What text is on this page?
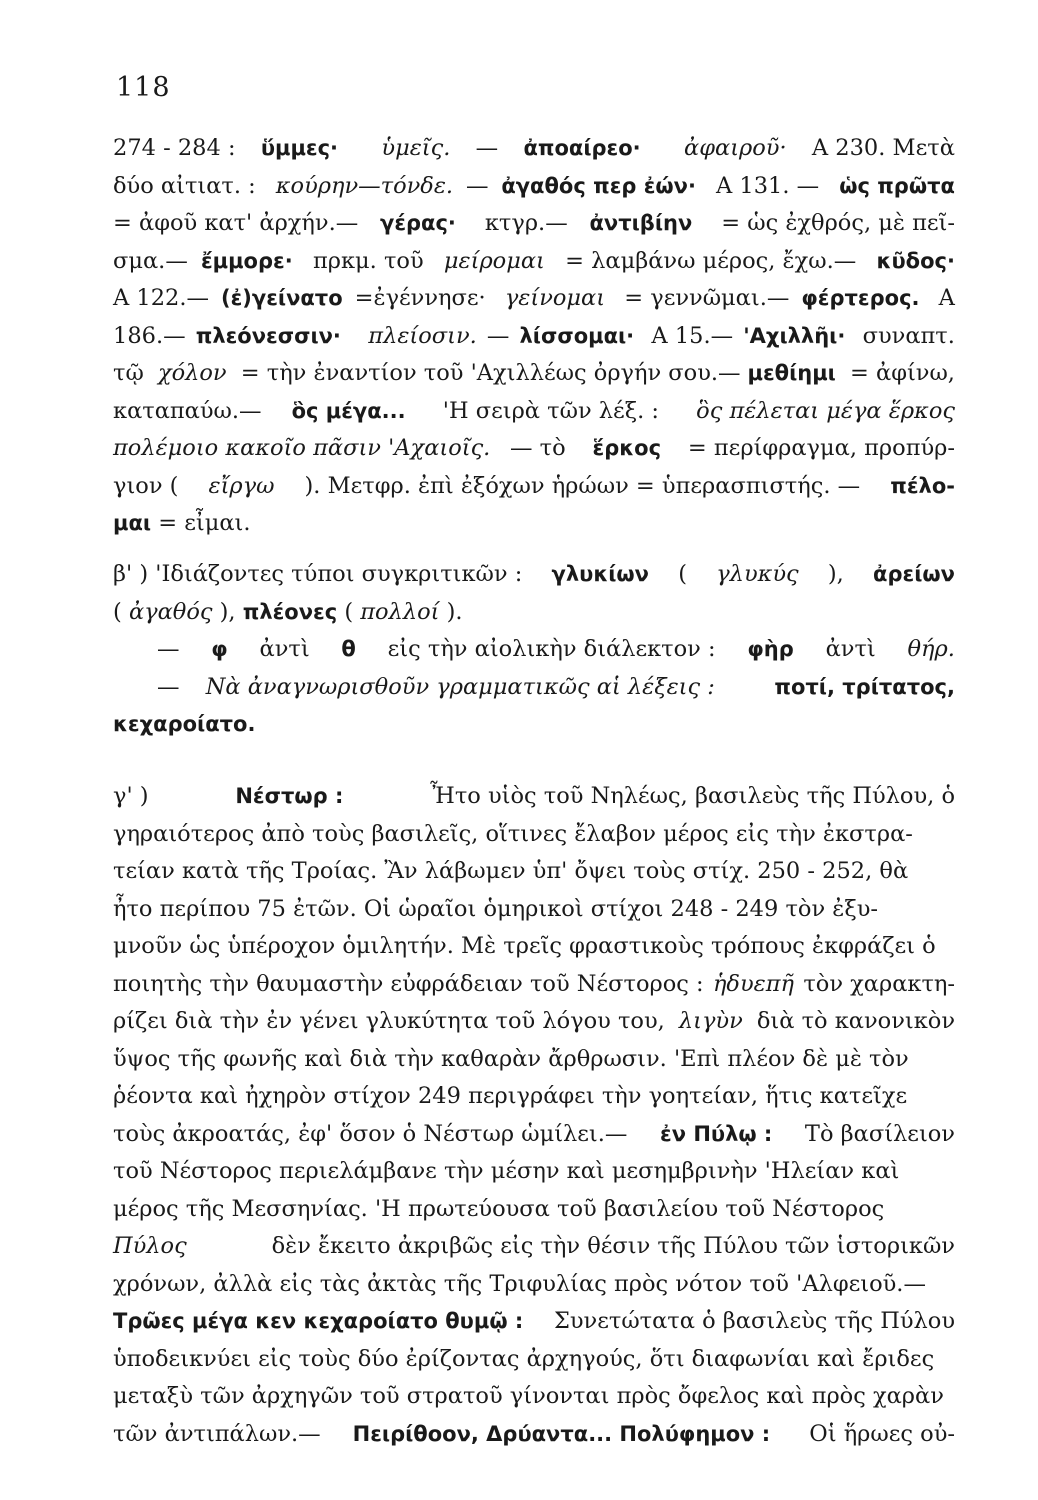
118
274 - 284 : ὕμμες·
ὑμεῖς. — ἀποαίρεο·
ἀφαιροῦ· Α 230. Μετὰ
δύο αἰτιατ. : κούρην—τόνδε. — ἀγαθός περ ἐών· Α 131. — ὡς πρῶτα
= ἀφοῦ κατ' ἀρχήν.— γέρας· κτγρ.— ἀντιβίην = ὡς ἐχθρός, μὲ πεῖ-
σμα.— ἔμμορε· πρκμ. τοῦ μείρομαι = λαμβάνω μέρος, ἔχω.— κῦδος·
Α 122.— (ἐ)γείνατο =ἐγέννησε· γείνομαι = γεννῶμαι.— φέρτερος. Α
186.— πλεόνεσσιν·
πλείοσιν. — λίσσομαι· Α 15.— 'Αχιλλῆι· συναπτ.
τῷ χόλον = τὴν ἐναντίον τοῦ 'Αχιλλέως ὀργήν σου.— μεθίημι = ἀφίνω,
καταπαύω.— ὃς μέγα... 'Η σειρὰ τῶν λέξ. : ὃς πέλεται μέγα ἕρκος
πολέμοιο κακοῖο πᾶσιν 'Αχαιοῖς. — τὸ ἕρκος = περίφραγμα, προπύρ-
γιον ( εἴργω ). Μετφρ. ἐπὶ ἐξόχων ἡρώων = ὑπερασπιστής. — πέλο-
μαι = εἶμαι.
β' ) 'Ιδιάζοντες τύποι συγκριτικῶν : γλυκίων ( γλυκύς ), ἀρείων
( ἀγαθός ), πλέονες ( πολλοί ).
— φ ἀντὶ θ εἰς τὴν αἰολικὴν διάλεκτον : φὴρ ἀντὶ θήρ.
— Νὰ ἀναγνωρισθοῦν γραμματικῶς αἱ λέξεις :
	ποτί, τρίτατος,
κεχαροίατο.
γ' )	Νέστωρ :	Ἦτο υἱὸς τοῦ Νηλέως, βασιλεὺς τῆς Πύλου, ὁ
γηραιότερος ἀπὸ τοὺς βασιλεῖς, οἵτινες ἔλαβον μέρος εἰς τὴν ἐκστρα-
τείαν κατὰ τῆς Τροίας. Ἂν λάβωμεν ὑπ' ὄψει τοὺς στίχ. 250 - 252, θὰ
ἦτο περίπου 75 ἐτῶν. Οἱ ὡραῖοι ὁμηρικοὶ στίχοι 248 - 249 τὸν ἐξυ-
μνοῦν ὡς ὑπέροχον ὁμιλητήν. Μὲ τρεῖς φραστικοὺς τρόπους ἐκφράζει ὁ
ποιητὴς τὴν θαυμαστὴν εὐφράδειαν τοῦ Νέστορος : ἡδυεπῆ τὸν χαρακτη-
ρίζει διὰ τὴν ἐν γένει γλυκύτητα τοῦ λόγου του, λιγὺν διὰ τὸ κανονικὸν
ὕψος τῆς φωνῆς καὶ διὰ τὴν καθαρὰν ἄρθρωσιν. 'Επὶ πλέον δὲ μὲ τὸν
ῥέοντα καὶ ἠχηρὸν στίχον 249 περιγράφει τὴν γοητείαν, ἥτις κατεῖχε
τοὺς ἀκροατάς, ἐφ' ὅσον ὁ Νέστωρ ὡμίλει.— ἐν Πύλῳ : Τὸ βασίλειον
τοῦ Νέστορος περιελάμβανε τὴν μέσην καὶ μεσημβρινὴν 'Ηλείαν καὶ
μέρος τῆς Μεσσηνίας. 'Η πρωτεύουσα τοῦ βασιλείου τοῦ Νέστορος
Πύλος	δὲν ἔκειτο ἀκριβῶς εἰς τὴν θέσιν τῆς Πύλου τῶν ἱστορικῶν
χρόνων, ἀλλὰ εἰς τὰς ἀκτὰς τῆς Τριφυλίας πρὸς νότον τοῦ 'Αλφειοῦ.—
Τρῶες μέγα κεν κεχαροίατο θυμῷ : Συνετώτατα ὁ βασιλεὺς τῆς Πύλου
ὑποδεικνύει εἰς τοὺς δύο ἐρίζοντας ἀρχηγούς, ὅτι διαφωνίαι καὶ ἔριδες
μεταξὺ τῶν ἀρχηγῶν τοῦ στρατοῦ γίνονται πρὸς ὄφελος καὶ πρὸς χαρὰν
τῶν ἀντιπάλων.— Πειρίθοον, Δρύαντα... Πολύφημον : Οἱ ἥρωες οὐ-
